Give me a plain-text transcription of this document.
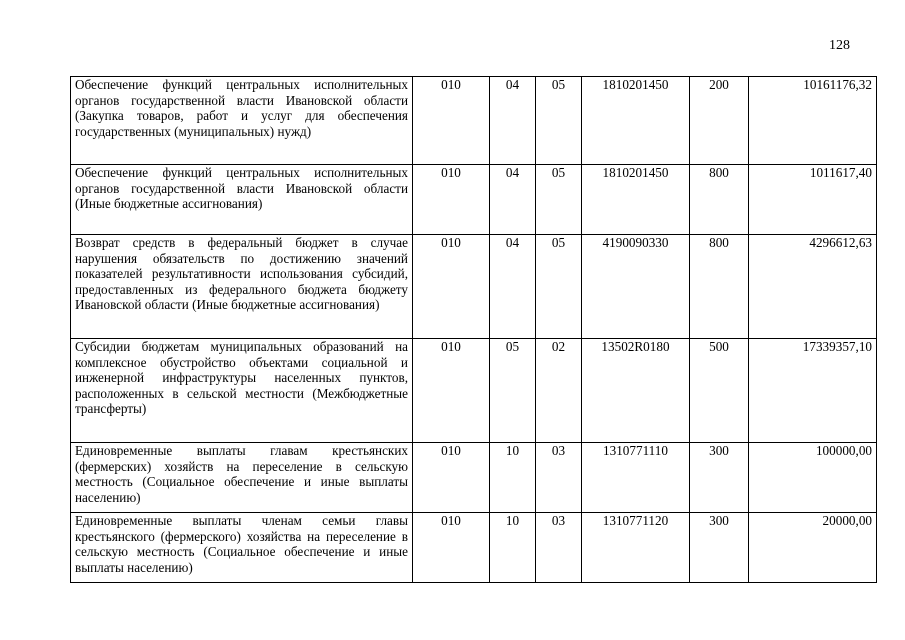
128
Обеспечение функций центральных исполнительных органов государственной власти Ивановской области (Закупка товаров, работ и услуг для обеспечения государственных (муниципальных) нужд)	010	04	05	1810201450	200	10161176,32
Обеспечение функций центральных исполнительных органов государственной власти Ивановской области (Иные бюджетные ассигнования)	010	04	05	1810201450	800	1011617,40
Возврат средств в федеральный бюджет в случае нарушения обязательств по достижению значений показателей результативности использования субсидий, предоставленных из федерального бюджета бюджету Ивановской области (Иные бюджетные ассигнования)	010	04	05	4190090330	800	4296612,63
Субсидии бюджетам муниципальных образований на комплексное обустройство объектами социальной и инженерной инфраструктуры населенных пунктов, расположенных в сельской местности (Межбюджетные трансферты)	010	05	02	13502R0180	500	17339357,10
Единовременные выплаты главам крестьянских (фермерских) хозяйств на переселение в сельскую местность (Социальное обеспечение и иные выплаты населению)	010	10	03	1310771110	300	100000,00
Единовременные выплаты членам семьи главы крестьянского (фермерского) хозяйства на переселение в сельскую местность (Социальное обеспечение и иные выплаты населению)	010	10	03	1310771120	300	20000,00
